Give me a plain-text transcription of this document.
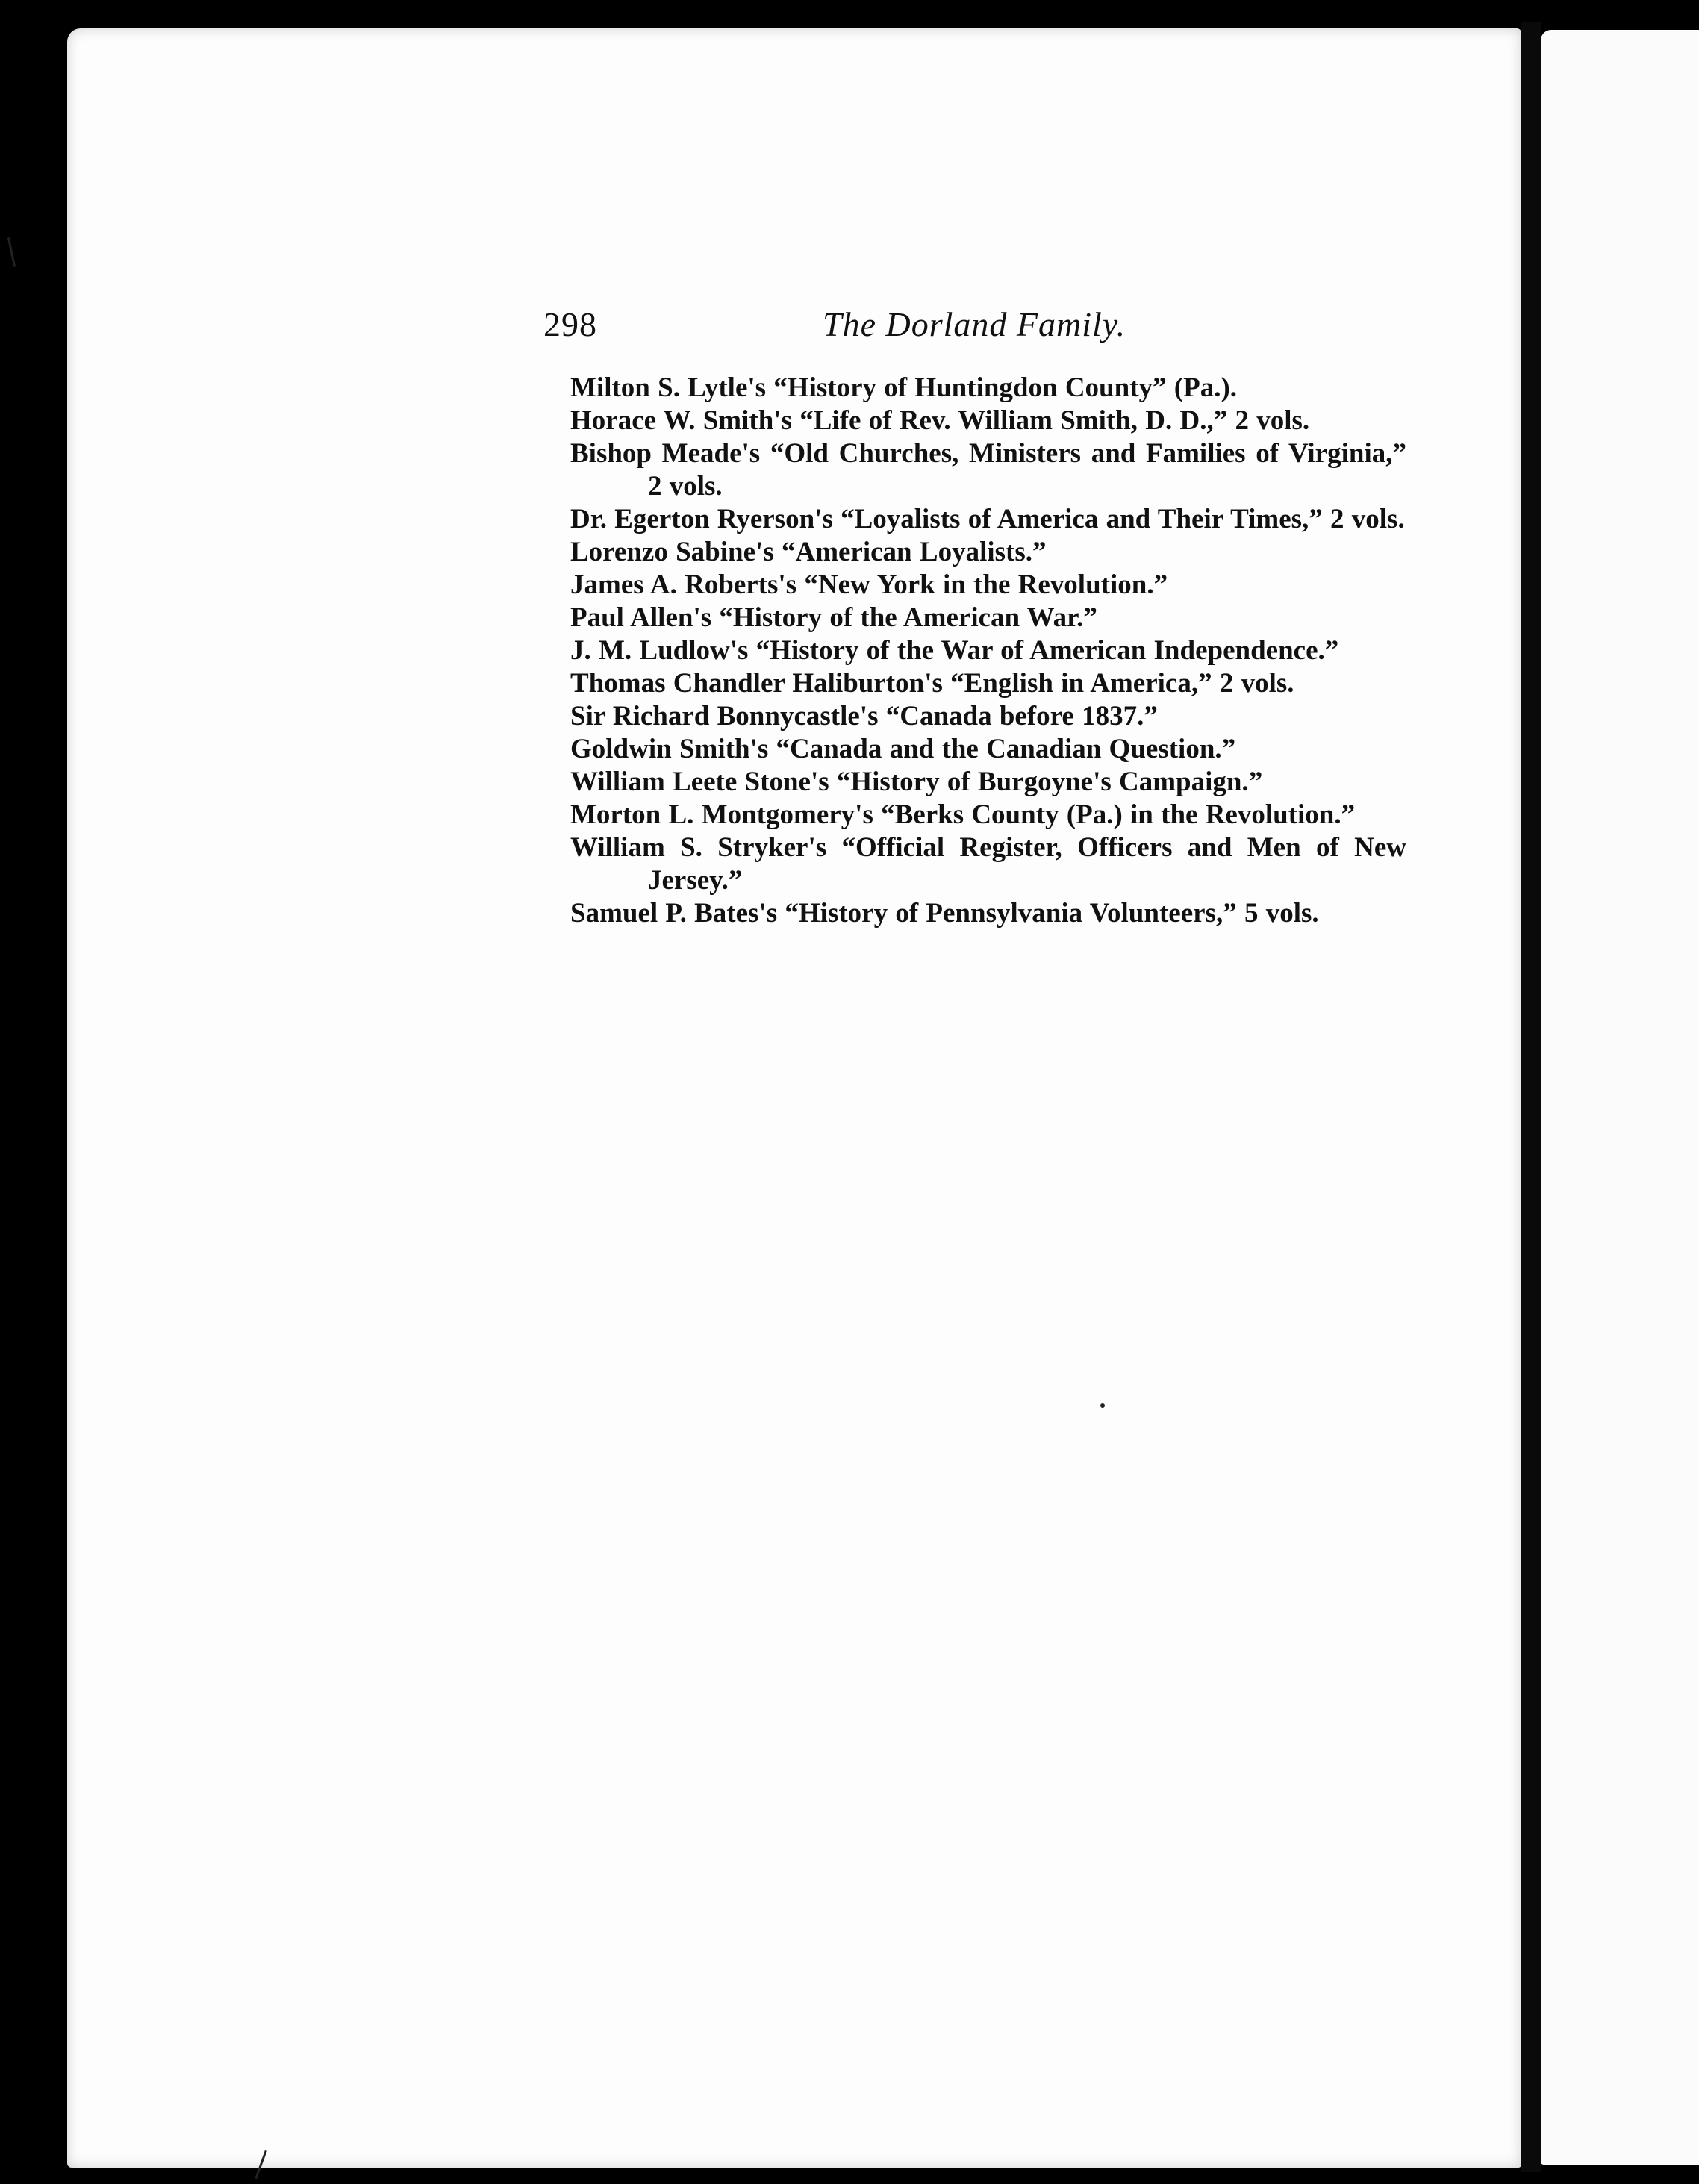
298	The Dorland Family.
Milton S. Lytle's “History of Huntingdon County” (Pa.).
Horace W. Smith's “Life of Rev. William Smith, D. D.,” 2 vols.
Bishop Meade's “Old Churches, Ministers and Families of Virginia,” 2 vols.
Dr. Egerton Ryerson's “Loyalists of America and Their Times,” 2 vols.
Lorenzo Sabine's “American Loyalists.”
James A. Roberts's “New York in the Revolution.”
Paul Allen's “History of the American War.”
J. M. Ludlow's “History of the War of American Independence.”
Thomas Chandler Haliburton's “English in America,” 2 vols.
Sir Richard Bonnycastle's “Canada before 1837.”
Goldwin Smith's “Canada and the Canadian Question.”
William Leete Stone's “History of Burgoyne's Campaign.”
Morton L. Montgomery's “Berks County (Pa.) in the Revolution.”
William S. Stryker's “Official Register, Officers and Men of New Jersey.”
Samuel P. Bates's “History of Pennsylvania Volunteers,” 5 vols.
